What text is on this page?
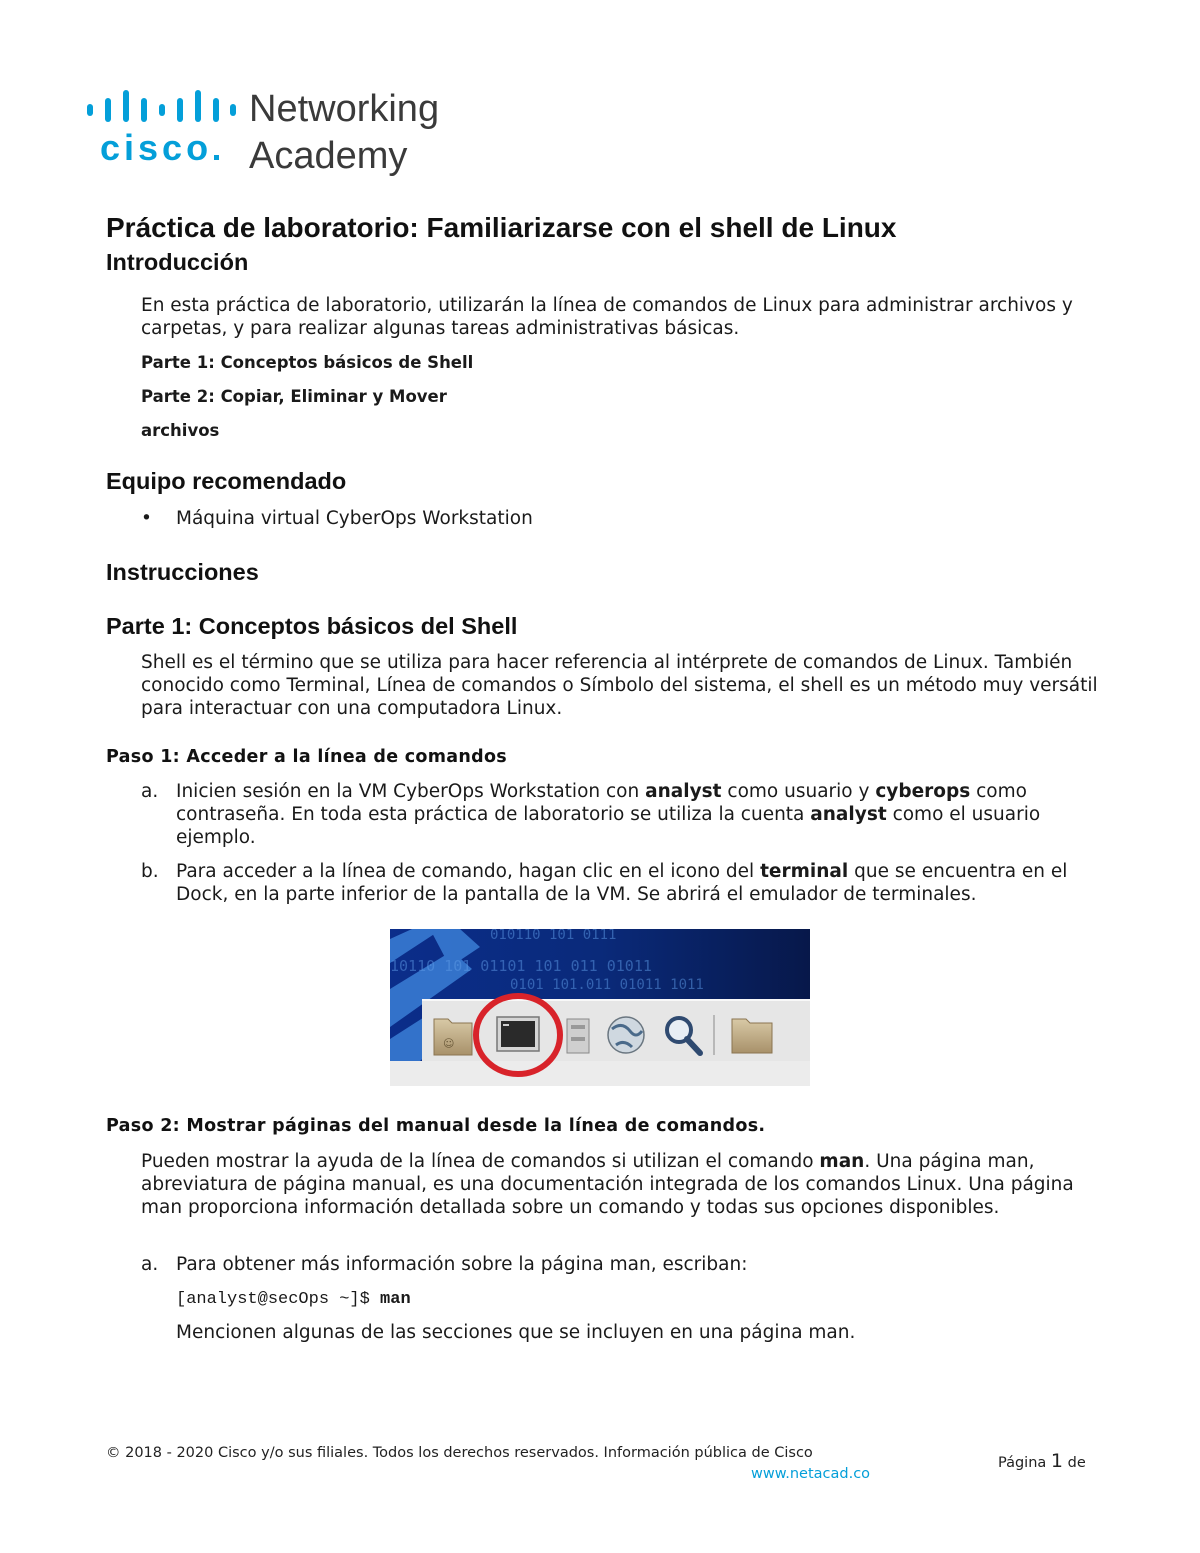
cisco
Networking
Academy
Práctica de laboratorio: Familiarizarse con el shell de Linux
Introducción

En esta práctica de laboratorio, utilizarán la línea de comandos de Linux para administrar archivos y carpetas, y para realizar algunas tareas administrativas básicas.

Parte 1: Conceptos básicos de Shell

Parte 2: Copiar, Eliminar y Mover

archivos

Equipo recomendado
• Máquina virtual CyberOps Workstation
Instrucciones
Parte 1: Conceptos básicos del Shell

Shell es el término que se utiliza para hacer referencia al intérprete de comandos de Linux. También conocido como Terminal, Línea de comandos o Símbolo del sistema, el shell es un método muy versátil para interactuar con una computadora Linux.

Paso 1: Acceder a la línea de comandos
a. Inicien sesión en la VM CyberOps Workstation con analyst como usuario y cyberops como contraseña. En toda esta práctica de laboratorio se utiliza la cuenta analyst como el usuario ejemplo.
b. Para acceder a la línea de comando, hagan clic en el icono del terminal que se encuentra en el Dock, en la parte inferior de la pantalla de la VM. Se abrirá el emulador de terminales.
010110 101 0111
10110 101 01101 101 011 01011
0101 101.011 01011 1011
☺
Paso 2: Mostrar páginas del manual desde la línea de comandos.

Pueden mostrar la ayuda de la línea de comandos si utilizan el comando man. Una página man, abreviatura de página manual, es una documentación integrada de los comandos Linux. Una página man proporciona información detallada sobre un comando y todas sus opciones disponibles.

a. Para obtener más información sobre la página man, escriban:

[analyst@secOps ~]$ man

Mencionen algunas de las secciones que se incluyen en una página man.

© 2018 - 2020 Cisco y/o sus filiales. Todos los derechos reservados. Información pública de Cisco
www.netacad.co
Página 1 de
